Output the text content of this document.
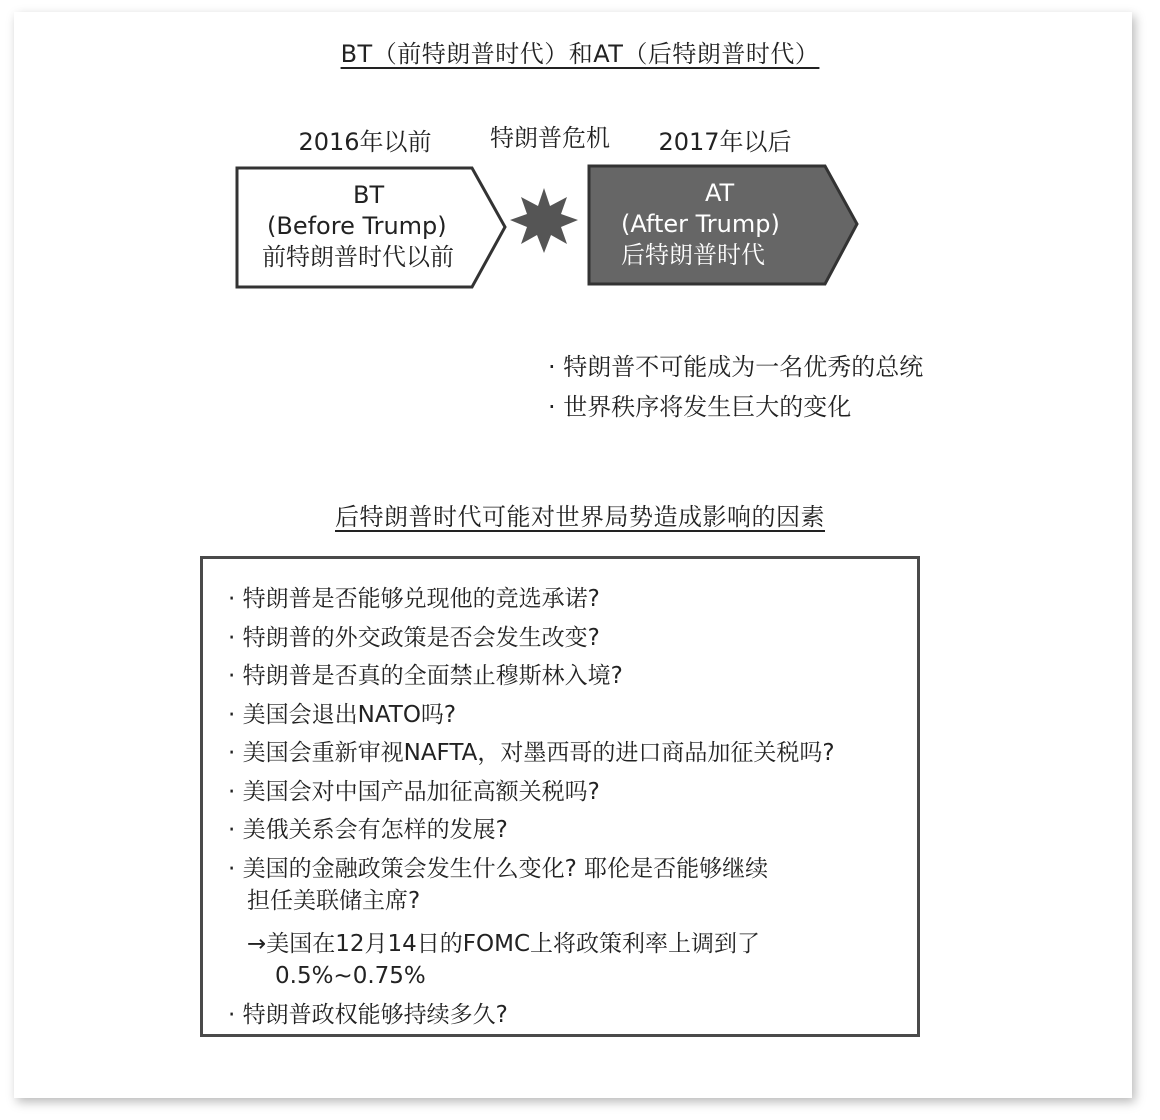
BT（前特朗普时代）和AT（后特朗普时代）
2016年以前	特朗普危机	2017年以后
BT
(Before Trump)
前特朗普时代以前
AT
(After Trump)
后特朗普时代
· 特朗普不可能成为一名优秀的总统
· 世界秩序将发生巨大的变化
后特朗普时代可能对世界局势造成影响的因素
· 特朗普是否能够兑现他的竞选承诺?
· 特朗普的外交政策是否会发生改变?
· 特朗普是否真的全面禁止穆斯林入境?
· 美国会退出NATO吗?
· 美国会重新审视NAFTA，对墨西哥的进口商品加征关税吗?
· 美国会对中国产品加征高额关税吗?
· 美俄关系会有怎样的发展?
· 美国的金融政策会发生什么变化? 耶伦是否能够继续
担任美联储主席?
→美国在12月14日的FOMC上将政策利率上调到了
0.5%~0.75%
· 特朗普政权能够持续多久?
